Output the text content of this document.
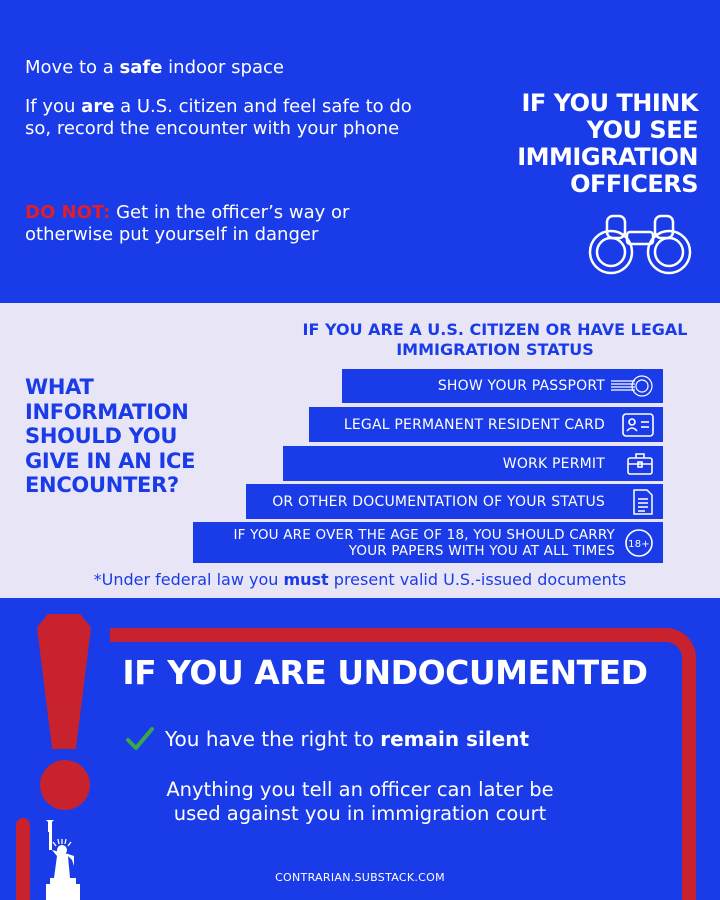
Move to a safe indoor space

If you are a U.S. citizen and feel safe to do so, record the encounter with your phone

DO NOT: Get in the officer’s way or otherwise put yourself in danger

IF YOU THINK
YOU SEE
IMMIGRATION
OFFICERS
WHAT
INFORMATION
SHOULD YOU
GIVE IN AN ICE
ENCOUNTER?
IF YOU ARE A U.S. CITIZEN OR HAVE LEGAL
IMMIGRATION STATUS
SHOW YOUR PASSPORT
LEGAL PERMANENT RESIDENT CARD
WORK PERMIT
OR OTHER DOCUMENTATION OF YOUR STATUS
IF YOU ARE OVER THE AGE OF 18, YOU SHOULD CARRY
YOUR PAPERS WITH YOU AT ALL TIMES 18+

*Under federal law you must present valid U.S.-issued documents

IF YOU ARE UNDOCUMENTED

You have the right to
remain silent

Anything you tell an officer can later be
used against you in immigration court

CONTRARIAN.SUBSTACK.COM
